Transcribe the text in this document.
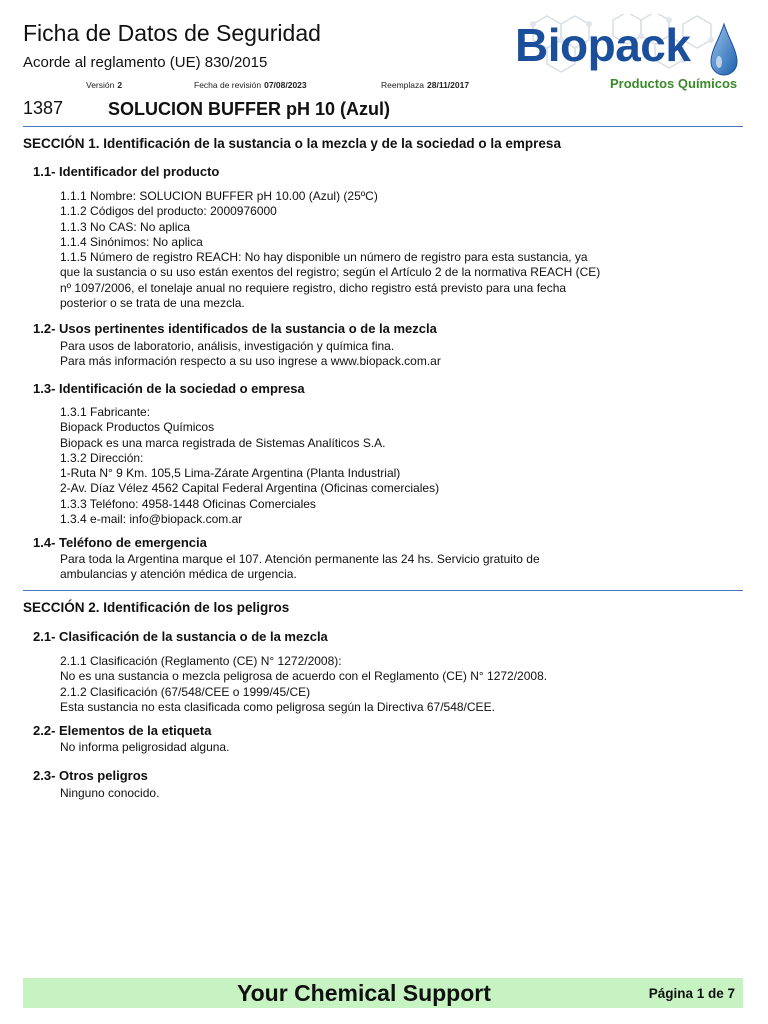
Ficha de Datos de Seguridad
Acorde al reglamento (UE) 830/2015
Versión 2	Fecha de revisión 07/08/2023	Reemplaza 28/11/2017
Biopack
Productos Químicos
1387 SOLUCION BUFFER pH 10 (Azul)
SECCIÓN 1. Identificación de la sustancia o la mezcla y de la sociedad o la empresa
1.1- Identificador del producto
1.1.1 Nombre: SOLUCION BUFFER pH 10.00 (Azul) (25ºC)
1.1.2 Códigos del producto: 2000976000
1.1.3 No CAS: No aplica
1.1.4 Sinónimos: No aplica
1.1.5 Número de registro REACH: No hay disponible un número de registro para esta sustancia, ya
que la sustancia o su uso están exentos del registro; según el Artículo 2 de la normativa REACH (CE)
nº 1097/2006, el tonelaje anual no requiere registro, dicho registro está previsto para una fecha
posterior o se trata de una mezcla.
1.2- Usos pertinentes identificados de la sustancia o de la mezcla
Para usos de laboratorio, análisis, investigación y química fina.
Para más información respecto a su uso ingrese a www.biopack.com.ar
1.3- Identificación de la sociedad o empresa
1.3.1 Fabricante:
Biopack Productos Químicos
Biopack es una marca registrada de Sistemas Analíticos S.A.
1.3.2 Dirección:
1-Ruta N° 9 Km. 105,5 Lima-Zárate Argentina (Planta Industrial)
2-Av. Díaz Vélez 4562 Capital Federal Argentina (Oficinas comerciales)
1.3.3 Teléfono: 4958-1448 Oficinas Comerciales
1.3.4 e-mail: info@biopack.com.ar
1.4- Teléfono de emergencia
Para toda la Argentina marque el 107. Atención permanente las 24 hs. Servicio gratuito de
ambulancias y atención médica de urgencia.
SECCIÓN 2. Identificación de los peligros
2.1- Clasificación de la sustancia o de la mezcla
2.1.1 Clasificación (Reglamento (CE) N° 1272/2008):
No es una sustancia o mezcla peligrosa de acuerdo con el Reglamento (CE) N° 1272/2008.
2.1.2 Clasificación (67/548/CEE o 1999/45/CE)
Esta sustancia no esta clasificada como peligrosa según la Directiva 67/548/CEE.
2.2- Elementos de la etiqueta
No informa peligrosidad alguna.
2.3- Otros peligros
Ninguno conocido.
Your Chemical Support	Página 1 de 7
